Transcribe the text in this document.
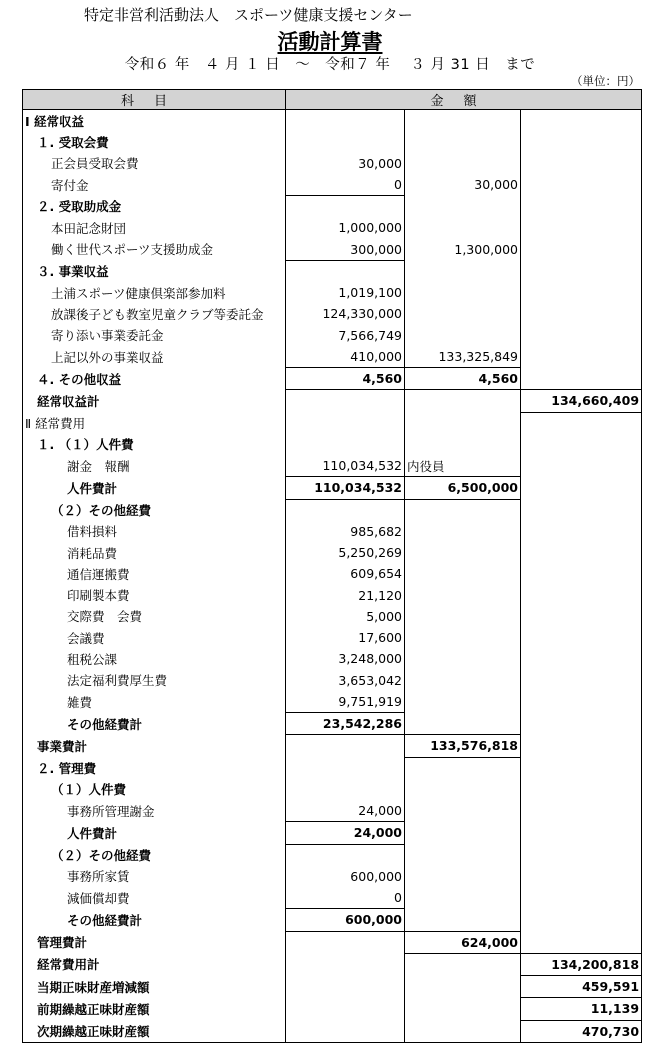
特定非営利活動法人　スポーツ健康支援センター
活動計算書
令和６ 年　４ 月 １ 日　～　令和７ 年　 ３ 月 31 日　まで
（単位：円）
科目	金額		
Ⅰ 経常収益			
１. 受取会費			
正会員受取会費	30,000		
寄付金	0	30,000	
２. 受取助成金			
本田記念財団	1,000,000		
働く世代スポーツ支援助成金	300,000	1,300,000	
３. 事業収益			
土浦スポーツ健康倶楽部参加料	1,019,100		
放課後子ども教室児童クラブ等委託金	124,330,000		
寄り添い事業委託金	7,566,749		
上記以外の事業収益	410,000	133,325,849	
４. その他収益	4,560	4,560	
経常収益計			134,660,409
Ⅱ 経常費用			
１. （１）人件費			
謝金　報酬	110,034,532	内役員	
人件費計	110,034,532	6,500,000	
（２）その他経費			
借料損料	985,682		
消耗品費	5,250,269		
通信運搬費	609,654		
印刷製本費	21,120		
交際費　会費	5,000		
会議費	17,600		
租税公課	3,248,000		
法定福利費厚生費	3,653,042		
雑費	9,751,919		
その他経費計	23,542,286		
事業費計		133,576,818	
２. 管理費			
（１）人件費			
事務所管理謝金	24,000		
人件費計	24,000		
（２）その他経費			
事務所家賃	600,000		
減価償却費	0		
その他経費計	600,000		
管理費計		624,000	
経常費用計			134,200,818
当期正味財産増減額			459,591
前期繰越正味財産額			11,139
次期繰越正味財産額			470,730
